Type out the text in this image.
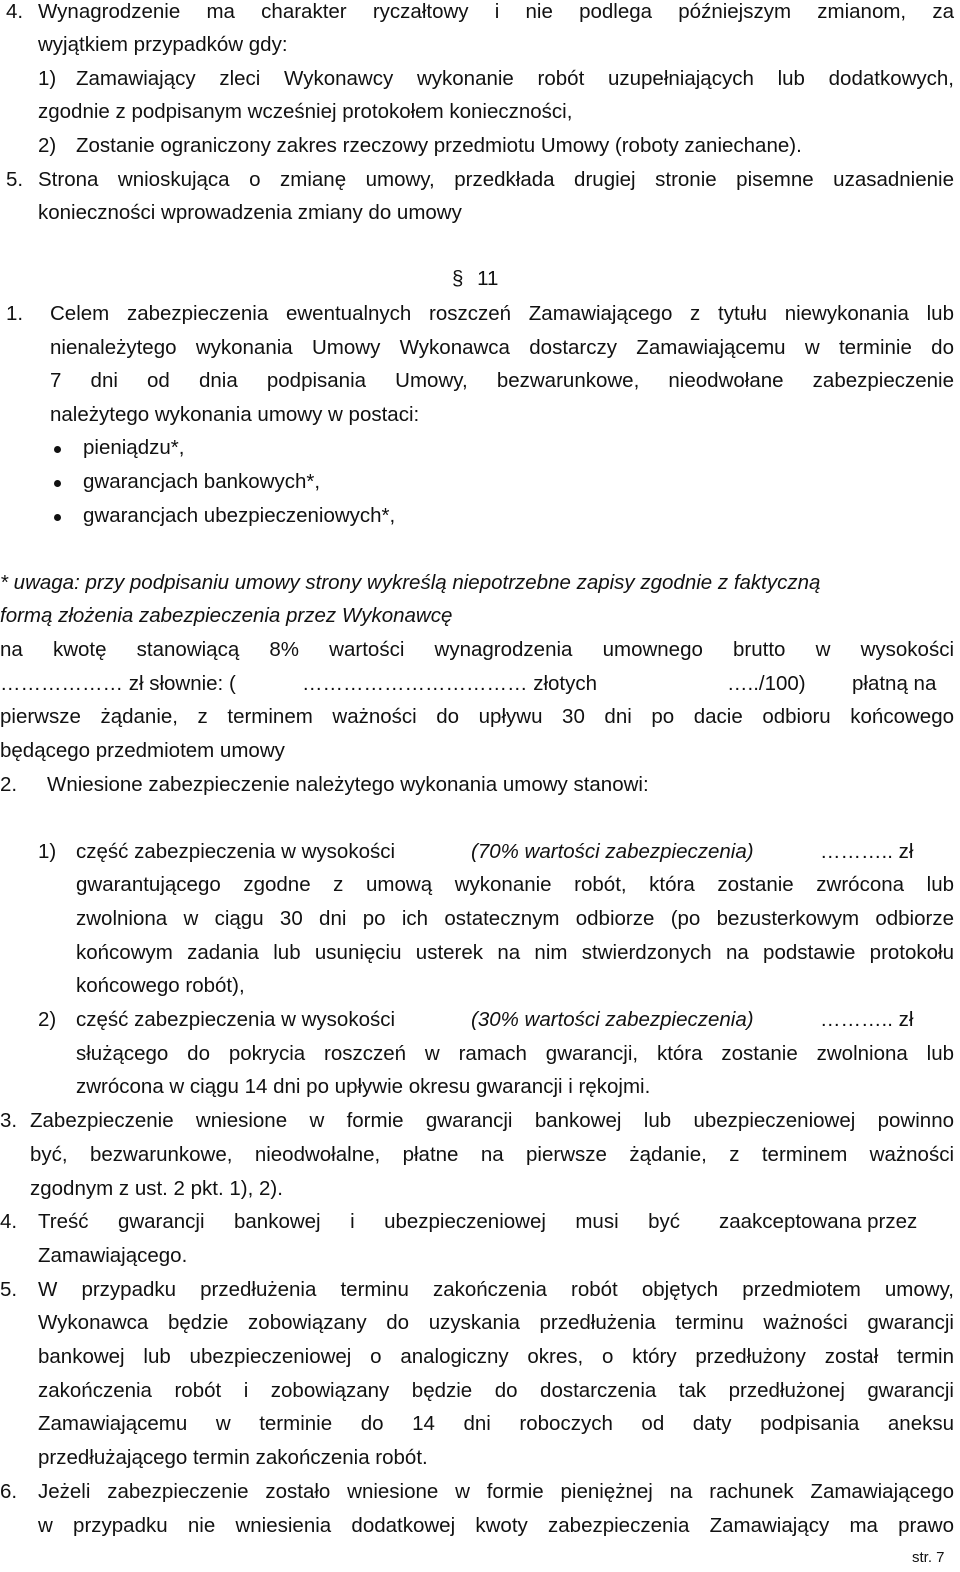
4. Wynagrodzenie ma charakter ryczałtowy i nie podlega późniejszym zmianom, za
wyjątkiem przypadków gdy:
1) Zamawiający zleci Wykonawcy wykonanie robót uzupełniających lub dodatkowych,
zgodnie z podpisanym wcześniej protokołem konieczności,
2) Zostanie ograniczony zakres rzeczowy przedmiotu Umowy (roboty zaniechane).
5. Strona wnioskująca o zmianę umowy, przedkłada drugiej stronie pisemne uzasadnienie
konieczności wprowadzenia zmiany do umowy
§ 11
1. Celem zabezpieczenia ewentualnych roszczeń Zamawiającego z tytułu niewykonania lub
nienależytego wykonania Umowy Wykonawca dostarczy Zamawiającemu w terminie do
7 dni od dnia podpisania Umowy, bezwarunkowe, nieodwołane zabezpieczenie
należytego wykonania umowy w postaci:
pieniądzu*,
gwarancjach bankowych*,
gwarancjach ubezpieczeniowych*,
* uwaga: przy podpisaniu umowy strony wykreślą niepotrzebne zapisy zgodnie z faktyczną
formą złożenia zabezpieczenia przez Wykonawcę
na kwotę stanowiącą 8% wartości wynagrodzenia umownego brutto w wysokości
……………… zł słownie: (	…………………………… złotych	…../100) płatną na
pierwsze żądanie, z terminem ważności do upływu 30 dni po dacie odbioru końcowego
będącego przedmiotem umowy
2. Wniesione zabezpieczenie należytego wykonania umowy stanowi:
1) część zabezpieczenia w wysokości	(70% wartości zabezpieczenia)	……….. zł
gwarantującego zgodne z umową wykonanie robót, która zostanie zwrócona lub
zwolniona w ciągu 30 dni po ich ostatecznym odbiorze (po bezusterkowym odbiorze
końcowym zadania lub usunięciu usterek na nim stwierdzonych na podstawie protokołu
końcowego robót),
2) część zabezpieczenia w wysokości	(30% wartości zabezpieczenia)	……….. zł
służącego do pokrycia roszczeń w ramach gwarancji, która zostanie zwolniona lub
zwrócona w ciągu 14 dni po upływie okresu gwarancji i rękojmi.
3. Zabezpieczenie wniesione w formie gwarancji bankowej lub ubezpieczeniowej powinno
być, bezwarunkowe, nieodwołalne, płatne na pierwsze żądanie, z terminem ważności
zgodnym z ust. 2 pkt. 1), 2).
4. Treść gwarancji bankowej i ubezpieczeniowej musi być zaakceptowana przez
Zamawiającego.
5. W przypadku przedłużenia terminu zakończenia robót objętych przedmiotem umowy,
Wykonawca będzie zobowiązany do uzyskania przedłużenia terminu ważności gwarancji
bankowej lub ubezpieczeniowej o analogiczny okres, o który przedłużony został termin
zakończenia robót i zobowiązany będzie do dostarczenia tak przedłużonej gwarancji
Zamawiającemu w terminie do 14 dni roboczych od daty podpisania aneksu
przedłużającego termin zakończenia robót.
6. Jeżeli zabezpieczenie zostało wniesione w formie pieniężnej na rachunek Zamawiającego
w przypadku nie wniesienia dodatkowej kwoty zabezpieczenia Zamawiający ma prawo
str. 7
